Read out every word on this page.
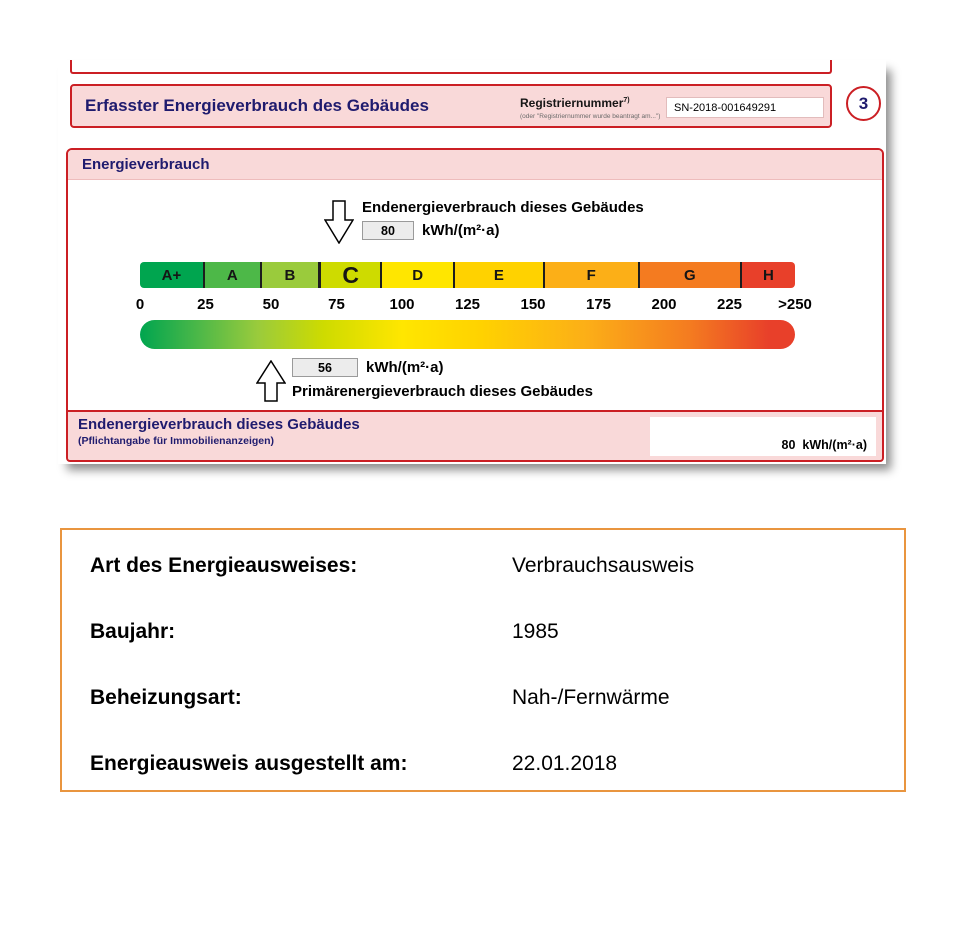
Erfasster Energieverbrauch des Gebäudes	Registriernummer$^{7)}$
(oder "Registriernummer wurde beantragt am...")
SN-2018-001649291	3
Energieverbrauch
Endenergieverbrauch dieses Gebäudes
80	kWh/(m²·a)
A+	A	B C	D	E	F	G	H
0	25	50	75	100	125	150	175	200	225 >250
56	kWh/(m²·a)
Primärenergieverbrauch dieses Gebäudes
Endenergieverbrauch dieses Gebäudes
(Pflichtangabe für Immobilienanzeigen)	80 kWh/(m²·a)
Art des Energieausweises:	Verbrauchsausweis
Baujahr:	1985
Beheizungsart:	Nah-/Fernwärme
Energieausweis ausgestellt am:	22.01.2018
